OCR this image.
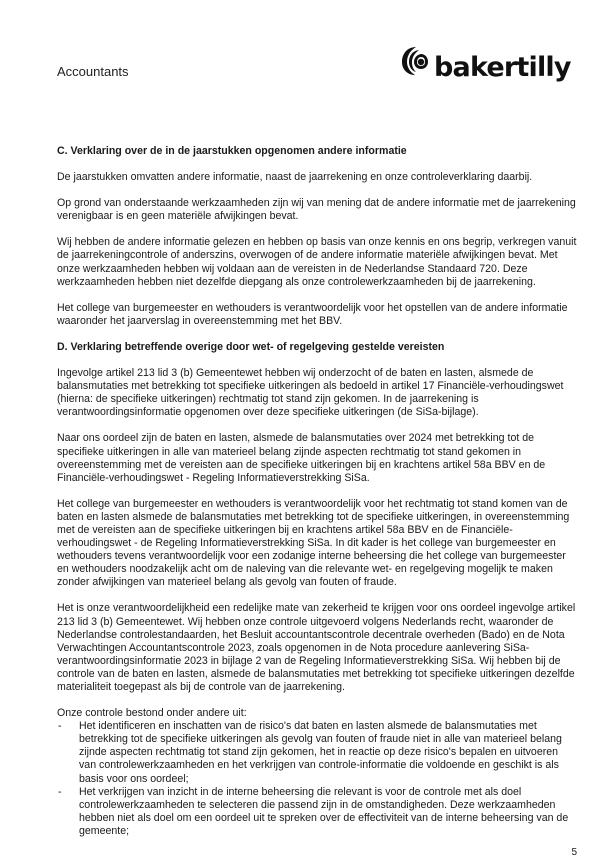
Accountants	bakertilly
C. Verklaring over de in de jaarstukken opgenomen andere informatie

De jaarstukken omvatten andere informatie, naast de jaarrekening en onze controleverklaring daarbij.

Op grond van onderstaande werkzaamheden zijn wij van mening dat de andere informatie met de jaarrekening verenigbaar is en geen materiële afwijkingen bevat.

Wij hebben de andere informatie gelezen en hebben op basis van onze kennis en ons begrip, verkregen vanuit de jaarrekeningcontrole of anderszins, overwogen of de andere informatie materiële afwijkingen bevat. Met onze werkzaamheden hebben wij voldaan aan de vereisten in de Nederlandse Standaard 720. Deze werkzaamheden hebben niet dezelfde diepgang als onze controlewerkzaamheden bij de jaarrekening.

Het college van burgemeester en wethouders is verantwoordelijk voor het opstellen van de andere informatie waaronder het jaarverslag in overeenstemming met het BBV.

D. Verklaring betreffende overige door wet- of regelgeving gestelde vereisten

Ingevolge artikel 213 lid 3 (b) Gemeentewet hebben wij onderzocht of de baten en lasten, alsmede de balansmutaties met betrekking tot specifieke uitkeringen als bedoeld in artikel 17 Financiële-verhoudingswet (hierna: de specifieke uitkeringen) rechtmatig tot stand zijn gekomen. In de jaarrekening is verantwoordingsinformatie opgenomen over deze specifieke uitkeringen (de SiSa-bijlage).

Naar ons oordeel zijn de baten en lasten, alsmede de balansmutaties over 2024 met betrekking tot de specifieke uitkeringen in alle van materieel belang zijnde aspecten rechtmatig tot stand gekomen in overeenstemming met de vereisten aan de specifieke uitkeringen bij en krachtens artikel 58a BBV en de Financiële-verhoudingswet - Regeling Informatieverstrekking SiSa.

Het college van burgemeester en wethouders is verantwoordelijk voor het rechtmatig tot stand komen van de baten en lasten alsmede de balansmutaties met betrekking tot de specifieke uitkeringen, in overeenstemming met de vereisten aan de specifieke uitkeringen bij en krachtens artikel 58a BBV en de Financiële-verhoudingswet - de Regeling Informatieverstrekking SiSa. In dit kader is het college van burgemeester en wethouders tevens verantwoordelijk voor een zodanige interne beheersing die het college van burgemeester en wethouders noodzakelijk acht om de naleving van die relevante wet- en regelgeving mogelijk te maken zonder afwijkingen van materieel belang als gevolg van fouten of fraude.

Het is onze verantwoordelijkheid een redelijke mate van zekerheid te krijgen voor ons oordeel ingevolge artikel 213 lid 3 (b) Gemeentewet. Wij hebben onze controle uitgevoerd volgens Nederlands recht, waaronder de Nederlandse controlestandaarden, het Besluit accountantscontrole decentrale overheden (Bado) en de Nota Verwachtingen Accountantscontrole 2023, zoals opgenomen in de Nota procedure aanlevering SiSa-verantwoordingsinformatie 2023 in bijlage 2 van de Regeling Informatieverstrekking SiSa. Wij hebben bij de controle van de baten en lasten, alsmede de balansmutaties met betrekking tot specifieke uitkeringen dezelfde materialiteit toegepast als bij de controle van de jaarrekening.

Onze controle bestond onder andere uit:
- Het identificeren en inschatten van de risico's dat baten en lasten alsmede de balansmutaties met betrekking tot de specifieke uitkeringen als gevolg van fouten of fraude niet in alle van materieel belang zijnde aspecten rechtmatig tot stand zijn gekomen, het in reactie op deze risico's bepalen en uitvoeren van controlewerkzaamheden en het verkrijgen van controle-informatie die voldoende en geschikt is als basis voor ons oordeel;
- Het verkrijgen van inzicht in de interne beheersing die relevant is voor de controle met als doel controlewerkzaamheden te selecteren die passend zijn in de omstandigheden. Deze werkzaamheden hebben niet als doel om een oordeel uit te spreken over de effectiviteit van de interne beheersing van de gemeente;
5
